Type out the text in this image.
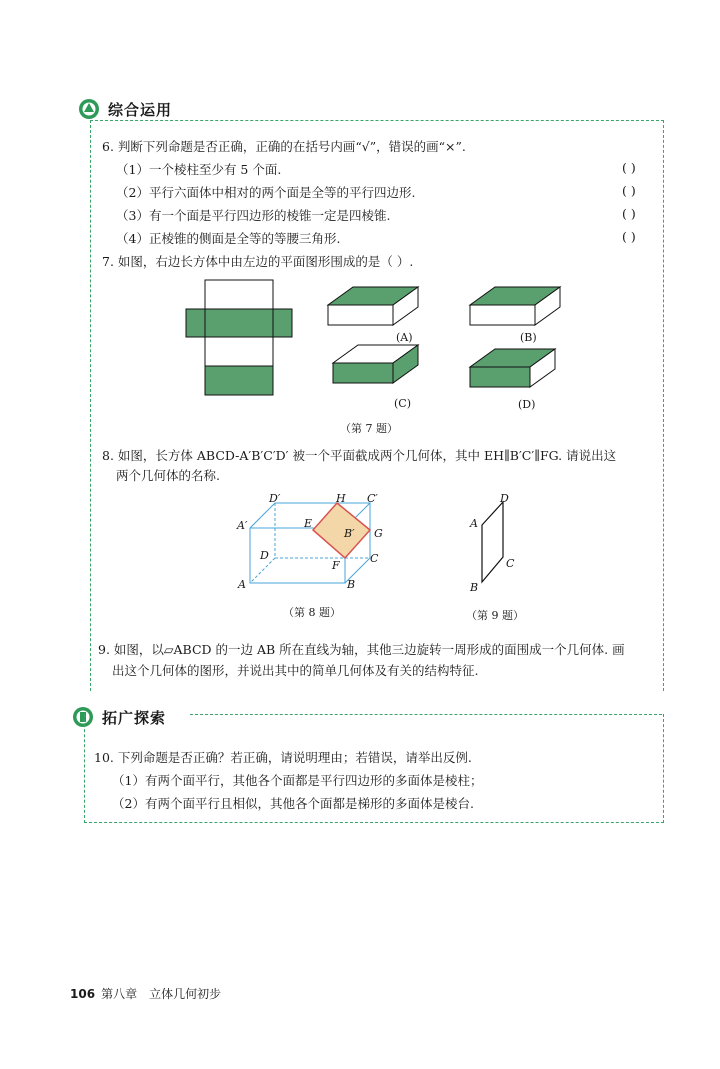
综合运用
6. 判断下列命题是否正确，正确的在括号内画“√”，错误的画“×”.
（1）一个棱柱至少有 5 个面.	( )
（2）平行六面体中相对的两个面是全等的平行四边形.	( )
（3）有一个面是平行四边形的棱锥一定是四棱锥.	( )
（4）正棱锥的侧面是全等的等腰三角形.	( )
7. 如图，右边长方体中由左边的平面图形围成的是（ ）.
(A)	(B)
(C)	(D)
（第 7 题）
8. 如图，长方体 ABCD-A′B′C′D′ 被一个平面截成两个几何体，其中 EH∥B′C′∥FG. 请说出这
两个几何体的名称.
D′	H C′
A′	E
B′ G
D
F
C
A	B
（第 8 题）
D
A
C
B
（第 9 题）
9. 如图，以▱ABCD 的一边 AB 所在直线为轴，其他三边旋转一周形成的面围成一个几何体. 画
出这个几何体的图形，并说出其中的简单几何体及有关的结构特征.
拓广探索
10. 下列命题是否正确？若正确，请说明理由；若错误，请举出反例.
（1）有两个面平行，其他各个面都是平行四边形的多面体是棱柱；
（2）有两个面平行且相似，其他各个面都是梯形的多面体是棱台.
106 第八章　立体几何初步
